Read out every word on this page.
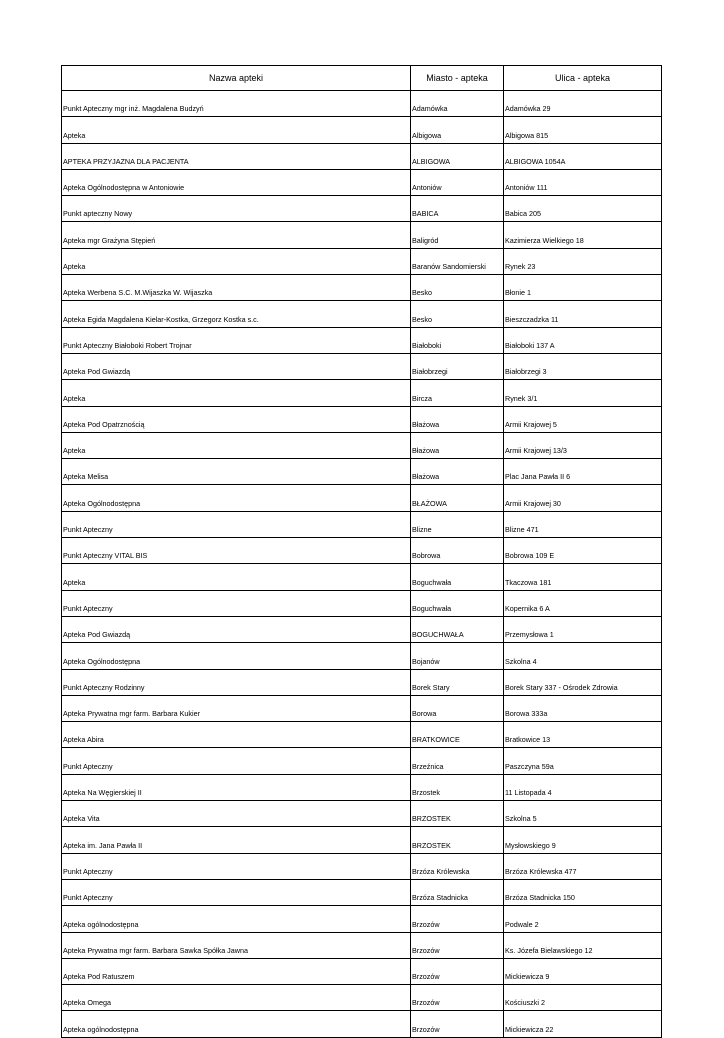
Nazwa apteki	Miasto - apteka	Ulica - apteka
Punkt Apteczny mgr inż. Magdalena Budzyń	Adamówka	Adamówka 29
Apteka	Albigowa	Albigowa 815
APTEKA PRZYJAZNA DLA PACJENTA	ALBIGOWA	ALBIGOWA 1054A
Apteka Ogólnodostępna w Antoniowie	Antoniów	Antoniów 111
Punkt apteczny Nowy	BABICA	Babica 205
Apteka mgr Grażyna Stępień	Baligród	Kazimierza Wielkiego 18
Apteka	Baranów Sandomierski	Rynek 23
Apteka Werbena S.C. M.Wijaszka W. Wijaszka	Besko	Błonie 1
Apteka Egida Magdalena Kielar-Kostka, Grzegorz Kostka s.c.	Besko	Bieszczadzka 11
Punkt Apteczny Białoboki Robert Trojnar	Białoboki	Białoboki 137 A
Apteka Pod Gwiazdą	Białobrzegi	Białobrzegi 3
Apteka	Bircza	Rynek 3/1
Apteka Pod Opatrznością	Błażowa	Armii Krajowej 5
Apteka	Błażowa	Armii Krajowej 13/3
Apteka Melisa	Błażowa	Plac Jana Pawła II 6
Apteka Ogólnodostępna	BŁAŻOWA	Armii Krajowej 30
Punkt Apteczny	Blizne	Blizne 471
Punkt Apteczny VITAL BIS	Bobrowa	Bobrowa 109 E
Apteka	Boguchwała	Tkaczowa 181
Punkt Apteczny	Boguchwała	Kopernika 6 A
Apteka Pod Gwiazdą	BOGUCHWAŁA	Przemysłowa 1
Apteka Ogólnodostępna	Bojanów	Szkolna 4
Punkt Apteczny Rodzinny	Borek Stary	Borek Stary 337 - Ośrodek Zdrowia
Apteka Prywatna mgr farm. Barbara Kukier	Borowa	Borowa 333a
Apteka Abira	BRATKOWICE	Bratkowice 13
Punkt Apteczny	Brzeźnica	Paszczyna 59a
Apteka Na Węgierskiej II	Brzostek	11 Listopada 4
Apteka Vita	BRZOSTEK	Szkolna 5
Apteka im. Jana Pawła II	BRZOSTEK	Mysłowskiego 9
Punkt Apteczny	Brzóza Królewska	Brzóza Królewska 477
Punkt Apteczny	Brzóza Stadnicka	Brzóza Stadnicka 150
Apteka ogólnodostępna	Brzozów	Podwale 2
Apteka Prywatna mgr farm. Barbara Sawka Spółka Jawna	Brzozów	Ks. Józefa Bielawskiego 12
Apteka Pod Ratuszem	Brzozów	Mickiewicza 9
Apteka Omega	Brzozów	Kościuszki 2
Apteka ogólnodostępna	Brzozów	Mickiewicza 22
